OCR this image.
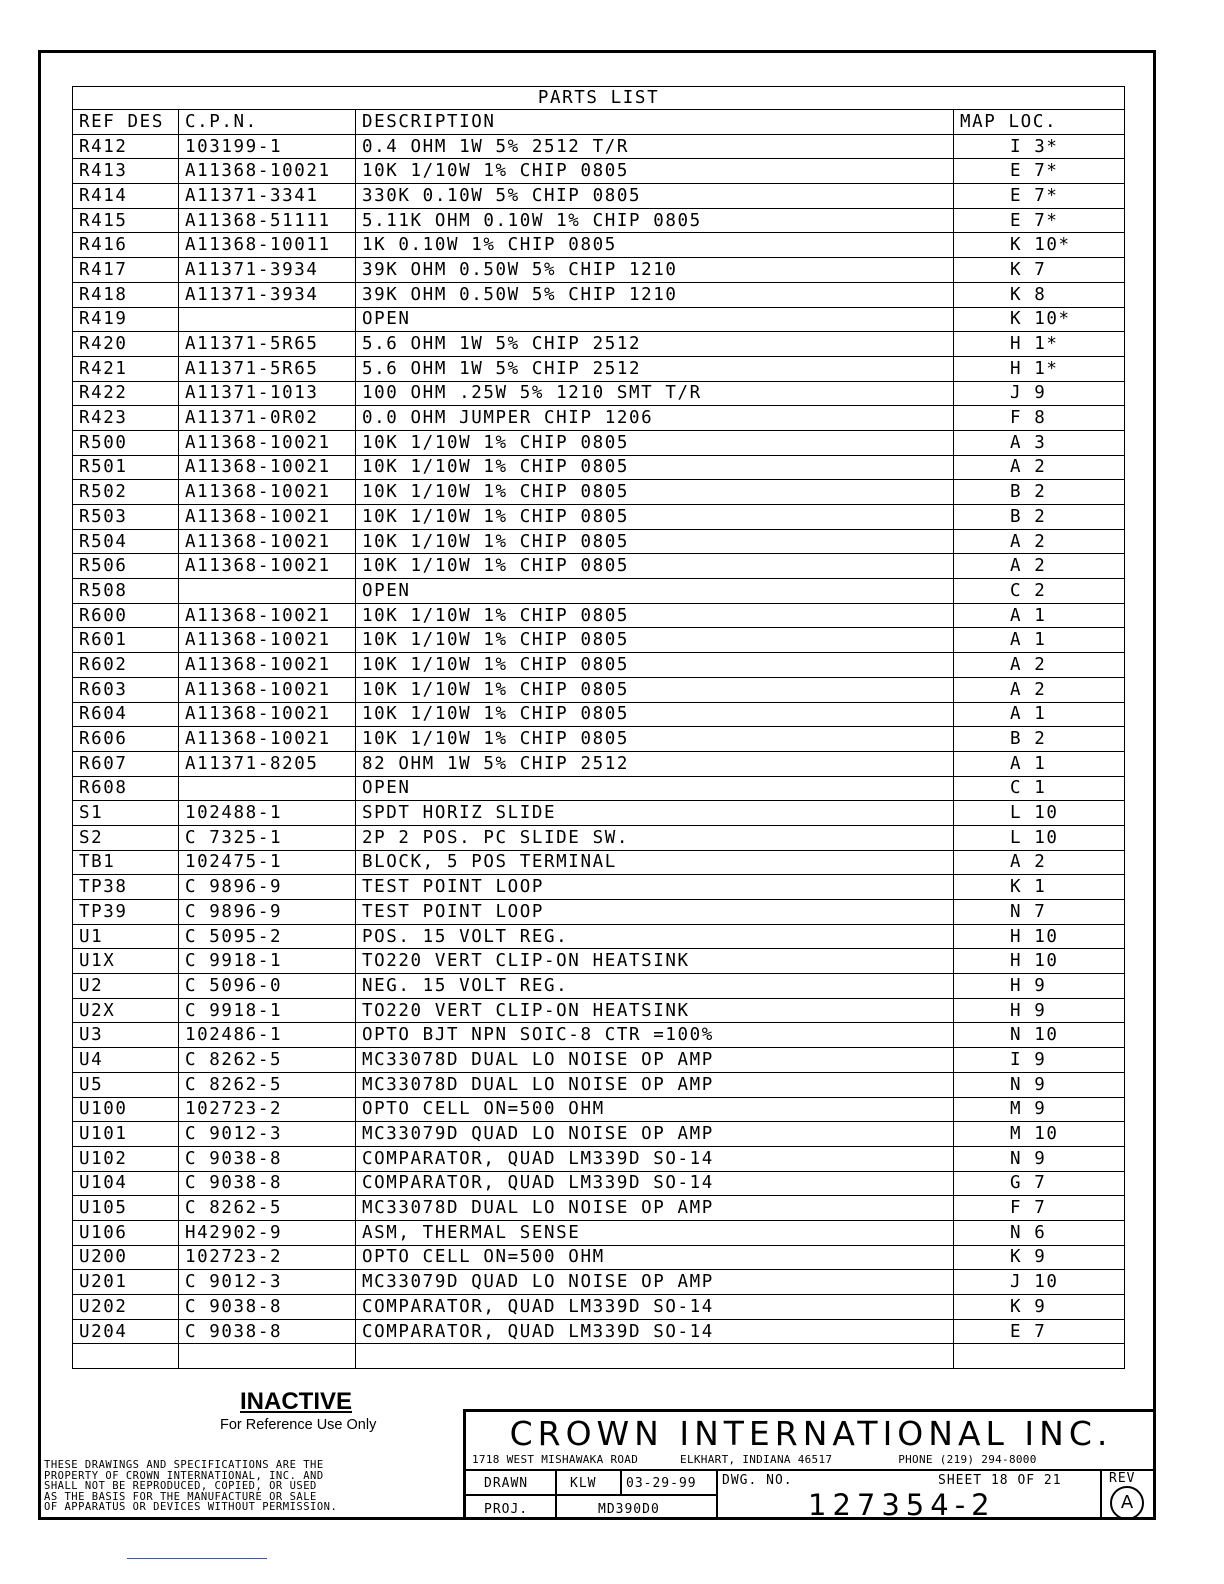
PARTS LIST			
REF DES	C.P.N.	DESCRIPTION	MAP LOC.
R412	103199-1	0.4 OHM 1W 5% 2512 T/R	I 3*
R413	A11368-10021	10K 1/10W 1% CHIP 0805	E 7*
R414	A11371-3341	330K 0.10W 5% CHIP 0805	E 7*
R415	A11368-51111	5.11K OHM 0.10W 1% CHIP 0805	E 7*
R416	A11368-10011	1K 0.10W 1% CHIP 0805	K 10*
R417	A11371-3934	39K OHM 0.50W 5% CHIP 1210	K 7
R418	A11371-3934	39K OHM 0.50W 5% CHIP 1210	K 8
R419		OPEN	K 10*
R420	A11371-5R65	5.6 OHM 1W 5% CHIP 2512	H 1*
R421	A11371-5R65	5.6 OHM 1W 5% CHIP 2512	H 1*
R422	A11371-1013	100 OHM .25W 5% 1210 SMT T/R	J 9
R423	A11371-0R02	0.0 OHM JUMPER CHIP 1206	F 8
R500	A11368-10021	10K 1/10W 1% CHIP 0805	A 3
R501	A11368-10021	10K 1/10W 1% CHIP 0805	A 2
R502	A11368-10021	10K 1/10W 1% CHIP 0805	B 2
R503	A11368-10021	10K 1/10W 1% CHIP 0805	B 2
R504	A11368-10021	10K 1/10W 1% CHIP 0805	A 2
R506	A11368-10021	10K 1/10W 1% CHIP 0805	A 2
R508		OPEN	C 2
R600	A11368-10021	10K 1/10W 1% CHIP 0805	A 1
R601	A11368-10021	10K 1/10W 1% CHIP 0805	A 1
R602	A11368-10021	10K 1/10W 1% CHIP 0805	A 2
R603	A11368-10021	10K 1/10W 1% CHIP 0805	A 2
R604	A11368-10021	10K 1/10W 1% CHIP 0805	A 1
R606	A11368-10021	10K 1/10W 1% CHIP 0805	B 2
R607	A11371-8205	82 OHM 1W 5% CHIP 2512	A 1
R608		OPEN	C 1
S1	102488-1	SPDT HORIZ SLIDE	L 10
S2	C 7325-1	2P 2 POS. PC SLIDE SW.	L 10
TB1	102475-1	BLOCK, 5 POS TERMINAL	A 2
TP38	C 9896-9	TEST POINT LOOP	K 1
TP39	C 9896-9	TEST POINT LOOP	N 7
U1	C 5095-2	POS. 15 VOLT REG.	H 10
U1X	C 9918-1	TO220 VERT CLIP-ON HEATSINK	H 10
U2	C 5096-0	NEG. 15 VOLT REG.	H 9
U2X	C 9918-1	TO220 VERT CLIP-ON HEATSINK	H 9
U3	102486-1	OPTO BJT NPN SOIC-8 CTR =100%	N 10
U4	C 8262-5	MC33078D DUAL LO NOISE OP AMP	I 9
U5	C 8262-5	MC33078D DUAL LO NOISE OP AMP	N 9
U100	102723-2	OPTO CELL ON=500 OHM	M 9
U101	C 9012-3	MC33079D QUAD LO NOISE OP AMP	M 10
U102	C 9038-8	COMPARATOR, QUAD LM339D SO-14	N 9
U104	C 9038-8	COMPARATOR, QUAD LM339D SO-14	G 7
U105	C 8262-5	MC33078D DUAL LO NOISE OP AMP	F 7
U106	H42902-9	ASM, THERMAL SENSE	N 6
U200	102723-2	OPTO CELL ON=500 OHM	K 9
U201	C 9012-3	MC33079D QUAD LO NOISE OP AMP	J 10
U202	C 9038-8	COMPARATOR, QUAD LM339D SO-14	K 9
U204	C 9038-8	COMPARATOR, QUAD LM339D SO-14	E 7

INACTIVE
For Reference Use Only
THESE DRAWINGS AND SPECIFICATIONS ARE THE
PROPERTY OF CROWN INTERNATIONAL, INC. AND
SHALL NOT BE REPRODUCED, COPIED, OR USED
AS THE BASIS FOR THE MANUFACTURE OR SALE
OF APPARATUS OR DEVICES WITHOUT PERMISSION.
CROWN INTERNATIONAL INC.
1718 WEST MISHAWAKA ROAD	ELKHART, INDIANA 46517	PHONE (219) 294-8000
DRAWN	KLW 03-29-99 DWG. NO.	SHEET 18 OF 21	REV
A
PROJ.	MD390D0	127354-2
